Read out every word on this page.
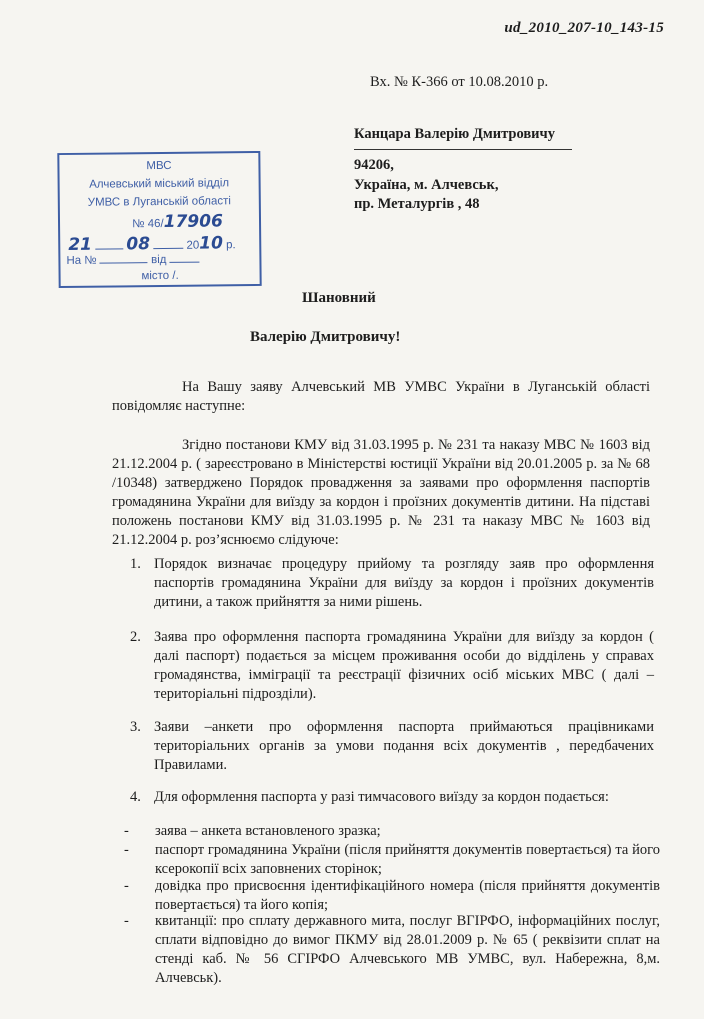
ud_2010_207-10_143-15
Вх. № К-366 от 10.08.2010 р.
Канцара Валерію Дмитровичу
94206,
Україна, м. Алчевськ,
пр. Металургів , 48
МВС
Алчевський міський відділ
УМВС в Луганській області
№ 46/17906
21 08	2010 р.
На №	від
місто /.
Шановний
Валерію Дмитровичу!

На Вашу заяву Алчевський МВ УМВС України в Луганській області повідомляє наступне:

Згідно постанови КМУ від 31.03.1995 р. № 231 та наказу МВС № 1603 від 21.12.2004 р. ( зареєстровано в Міністерстві юстиції України від 20.01.2005 р. за № 68 /10348) затверджено Порядок провадження за заявами про оформлення паспортів громадянина України для виїзду за кордон і проїзних документів дитини. На підставі положень постанови КМУ від 31.03.1995 р. № 231 та наказу МВС № 1603 від 21.12.2004 р. роз’яснюємо слідуюче:

1. Порядок визначає процедуру прийому та розгляду заяв про оформлення паспортів громадянина України для виїзду за кордон і проїзних документів дитини, а також прийняття за ними рішень.
2. Заява про оформлення паспорта громадянина України для виїзду за кордон ( далі паспорт) подається за місцем проживання особи до відділень у справах громадянства, імміграції та реєстрації фізичних осіб міських МВС ( далі –територіальні підрозділи).
3. Заяви –анкети про оформлення паспорта приймаються працівниками територіальних органів за умови подання всіх документів , передбачених Правилами.
4. Для оформлення паспорта у разі тимчасового виїзду за кордон подається:
- заява – анкета встановленого зразка;
- паспорт громадянина України (після прийняття документів повертається) та його ксерокопії всіх заповнених сторінок;
- довідка про присвоєння ідентифікаційного номера (після прийняття документів повертається) та його копія;
- квитанції: про сплату державного мита, послуг ВГІРФО, інформаційних послуг, сплати відповідно до вимог ПКМУ від 28.01.2009 р. № 65 ( реквізити сплат на стенді каб. № 56 СГІРФО Алчевського МВ УМВС, вул. Набережна, 8,м. Алчевськ).
